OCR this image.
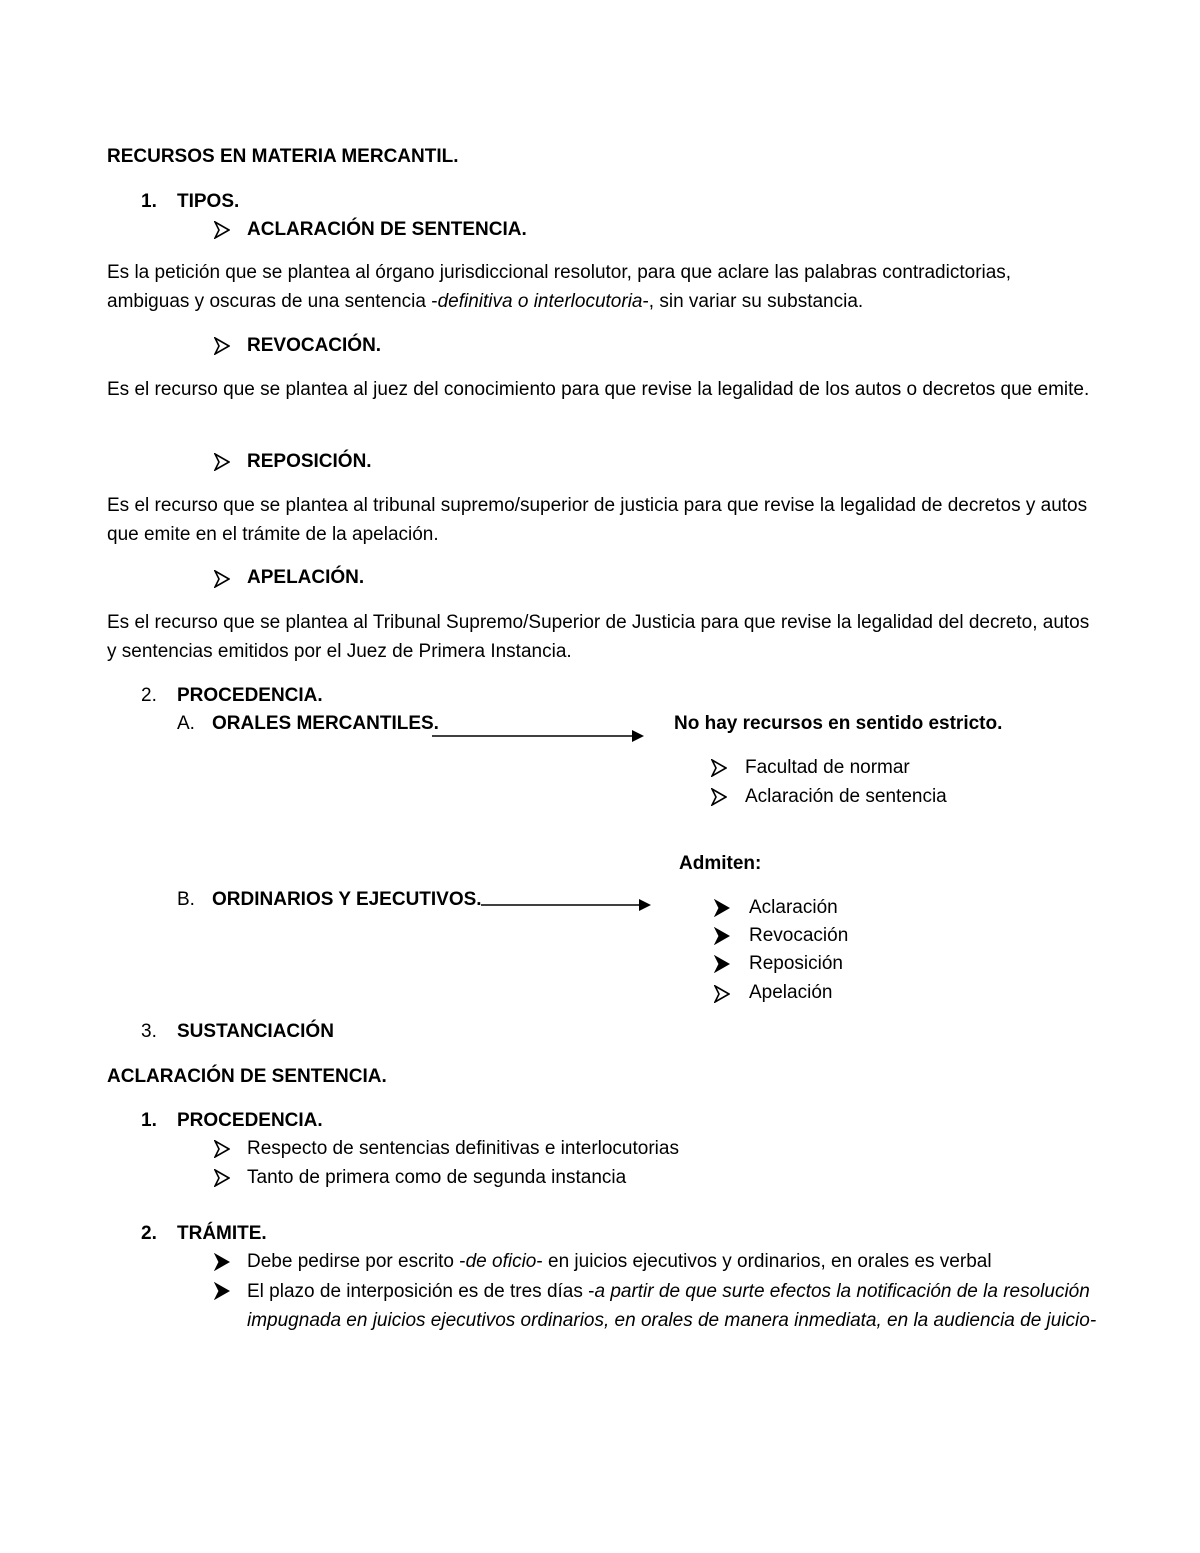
RECURSOS EN MATERIA MERCANTIL.
1. TIPOS.
ACLARACIÓN DE SENTENCIA.
Es la petición que se plantea al órgano jurisdiccional resolutor, para que aclare las palabras contradictorias, ambiguas y oscuras de una sentencia -definitiva o interlocutoria-, sin variar su substancia.
REVOCACIÓN.
Es el recurso que se plantea al juez del conocimiento para que revise la legalidad de los autos o decretos que emite.
REPOSICIÓN.
Es el recurso que se plantea al tribunal supremo/superior de justicia para que revise la legalidad de decretos y autos que emite en el trámite de la apelación.
APELACIÓN.
Es el recurso que se plantea al Tribunal Supremo/Superior de Justicia para que revise la legalidad del decreto, autos y sentencias emitidos por el Juez de Primera Instancia.
2. PROCEDENCIA.
A. ORALES MERCANTILES.	No hay recursos en sentido estricto.
Facultad de normar
Aclaración de sentencia
Admiten:
B. ORDINARIOS Y EJECUTIVOS.	Aclaración
Revocación
Reposición
Apelación
3. SUSTANCIACIÓN
ACLARACIÓN DE SENTENCIA.
1. PROCEDENCIA.
Respecto de sentencias definitivas e interlocutorias
Tanto de primera como de segunda instancia
2. TRÁMITE.
Debe pedirse por escrito -de oficio- en juicios ejecutivos y ordinarios, en orales es verbal
El plazo de interposición es de tres días -a partir de que surte efectos la notificación de la resolución impugnada en juicios ejecutivos ordinarios, en orales de manera inmediata, en la audiencia de juicio-
